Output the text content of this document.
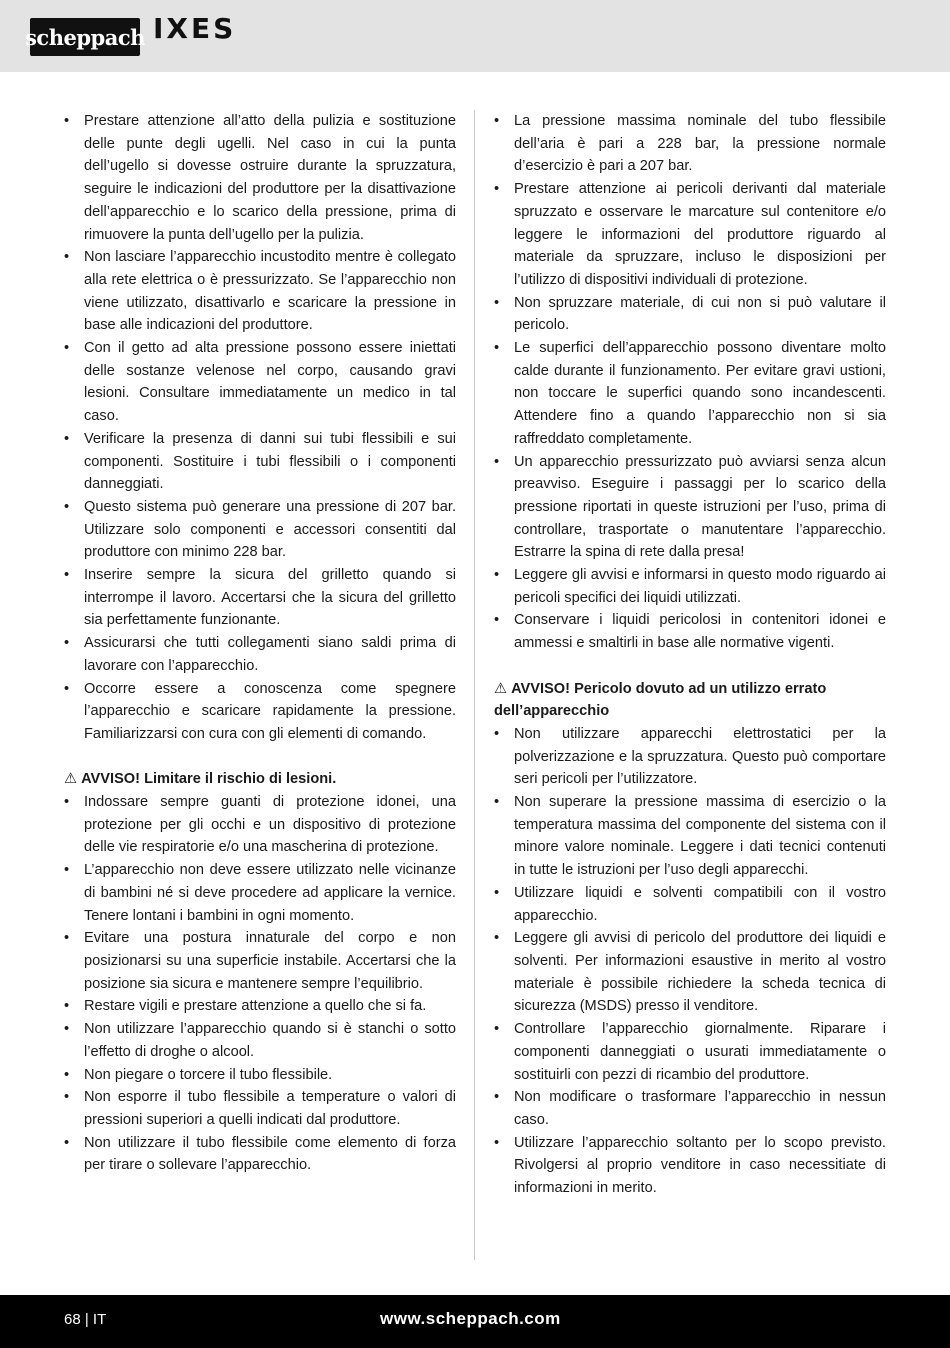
scheppach IXES
• Prestare attenzione all’atto della pulizia e sostituzione delle punte degli ugelli. Nel caso in cui la punta dell’ugello si dovesse ostruire durante la spruzzatura, seguire le indicazioni del produttore per la disattivazione dell’apparecchio e lo scarico della pressione, prima di rimuovere la punta dell’ugello per la pulizia.
• Non lasciare l’apparecchio incustodito mentre è collegato alla rete elettrica o è pressurizzato. Se l’apparecchio non viene utilizzato, disattivarlo e scaricare la pressione in base alle indicazioni del produttore.
• Con il getto ad alta pressione possono essere iniettati delle sostanze velenose nel corpo, causando gravi lesioni. Consultare immediatamente un medico in tal caso.
• Verificare la presenza di danni sui tubi flessibili e sui componenti. Sostituire i tubi flessibili o i componenti danneggiati.
• Questo sistema può generare una pressione di 207 bar. Utilizzare solo componenti e accessori consentiti dal produttore con minimo 228 bar.
• Inserire sempre la sicura del grilletto quando si interrompe il lavoro. Accertarsi che la sicura del grilletto sia perfettamente funzionante.
• Assicurarsi che tutti collegamenti siano saldi prima di lavorare con l’apparecchio.
• Occorre essere a conoscenza come spegnere l’apparecchio e scaricare rapidamente la pressione. Familiarizzarsi con cura con gli elementi di comando.

⚠ AVVISO! Limitare il rischio di lesioni.

• Indossare sempre guanti di protezione idonei, una protezione per gli occhi e un dispositivo di protezione delle vie respiratorie e/o una mascherina di protezione.
• L’apparecchio non deve essere utilizzato nelle vicinanze di bambini né si deve procedere ad applicare la vernice. Tenere lontani i bambini in ogni momento.
• Evitare una postura innaturale del corpo e non posizionarsi su una superficie instabile. Accertarsi che la posizione sia sicura e mantenere sempre l’equilibrio.
• Restare vigili e prestare attenzione a quello che si fa.
• Non utilizzare l’apparecchio quando si è stanchi o sotto l’effetto di droghe o alcool.
• Non piegare o torcere il tubo flessibile.
• Non esporre il tubo flessibile a temperature o valori di pressioni superiori a quelli indicati dal produttore.
• Non utilizzare il tubo flessibile come elemento di forza per tirare o sollevare l’apparecchio.
• La pressione massima nominale del tubo flessibile dell’aria è pari a 228 bar, la pressione normale d’esercizio è pari a 207 bar.
• Prestare attenzione ai pericoli derivanti dal materiale spruzzato e osservare le marcature sul contenitore e/o leggere le informazioni del produttore riguardo al materiale da spruzzare, incluso le disposizioni per l’utilizzo di dispositivi individuali di protezione.
• Non spruzzare materiale, di cui non si può valutare il pericolo.
• Le superfici dell’apparecchio possono diventare molto calde durante il funzionamento. Per evitare gravi ustioni, non toccare le superfici quando sono incandescenti. Attendere fino a quando l’apparecchio non si sia raffreddato completamente.
• Un apparecchio pressurizzato può avviarsi senza alcun preavviso. Eseguire i passaggi per lo scarico della pressione riportati in queste istruzioni per l’uso, prima di controllare, trasportate o manutentare l’apparecchio. Estrarre la spina di rete dalla presa!
• Leggere gli avvisi e informarsi in questo modo riguardo ai pericoli specifici dei liquidi utilizzati.
• Conservare i liquidi pericolosi in contenitori idonei e ammessi e smaltirli in base alle normative vigenti.

⚠ AVVISO! Pericolo dovuto ad un utilizzo errato dell’apparecchio

• Non utilizzare apparecchi elettrostatici per la polverizzazione e la spruzzatura. Questo può comportare seri pericoli per l’utilizzatore.
• Non superare la pressione massima di esercizio o la temperatura massima del componente del sistema con il minore valore nominale. Leggere i dati tecnici contenuti in tutte le istruzioni per l’uso degli apparecchi.
• Utilizzare liquidi e solventi compatibili con il vostro apparecchio.
• Leggere gli avvisi di pericolo del produttore dei liquidi e solventi. Per informazioni esaustive in merito al vostro materiale è possibile richiedere la scheda tecnica di sicurezza (MSDS) presso il venditore.
• Controllare l’apparecchio giornalmente. Riparare i componenti danneggiati o usurati immediatamente o sostituirli con pezzi di ricambio del produttore.
• Non modificare o trasformare l’apparecchio in nessun caso.
• Utilizzare l’apparecchio soltanto per lo scopo previsto. Rivolgersi al proprio venditore in caso necessitiate di informazioni in merito.
68 | IT	www.scheppach.com
